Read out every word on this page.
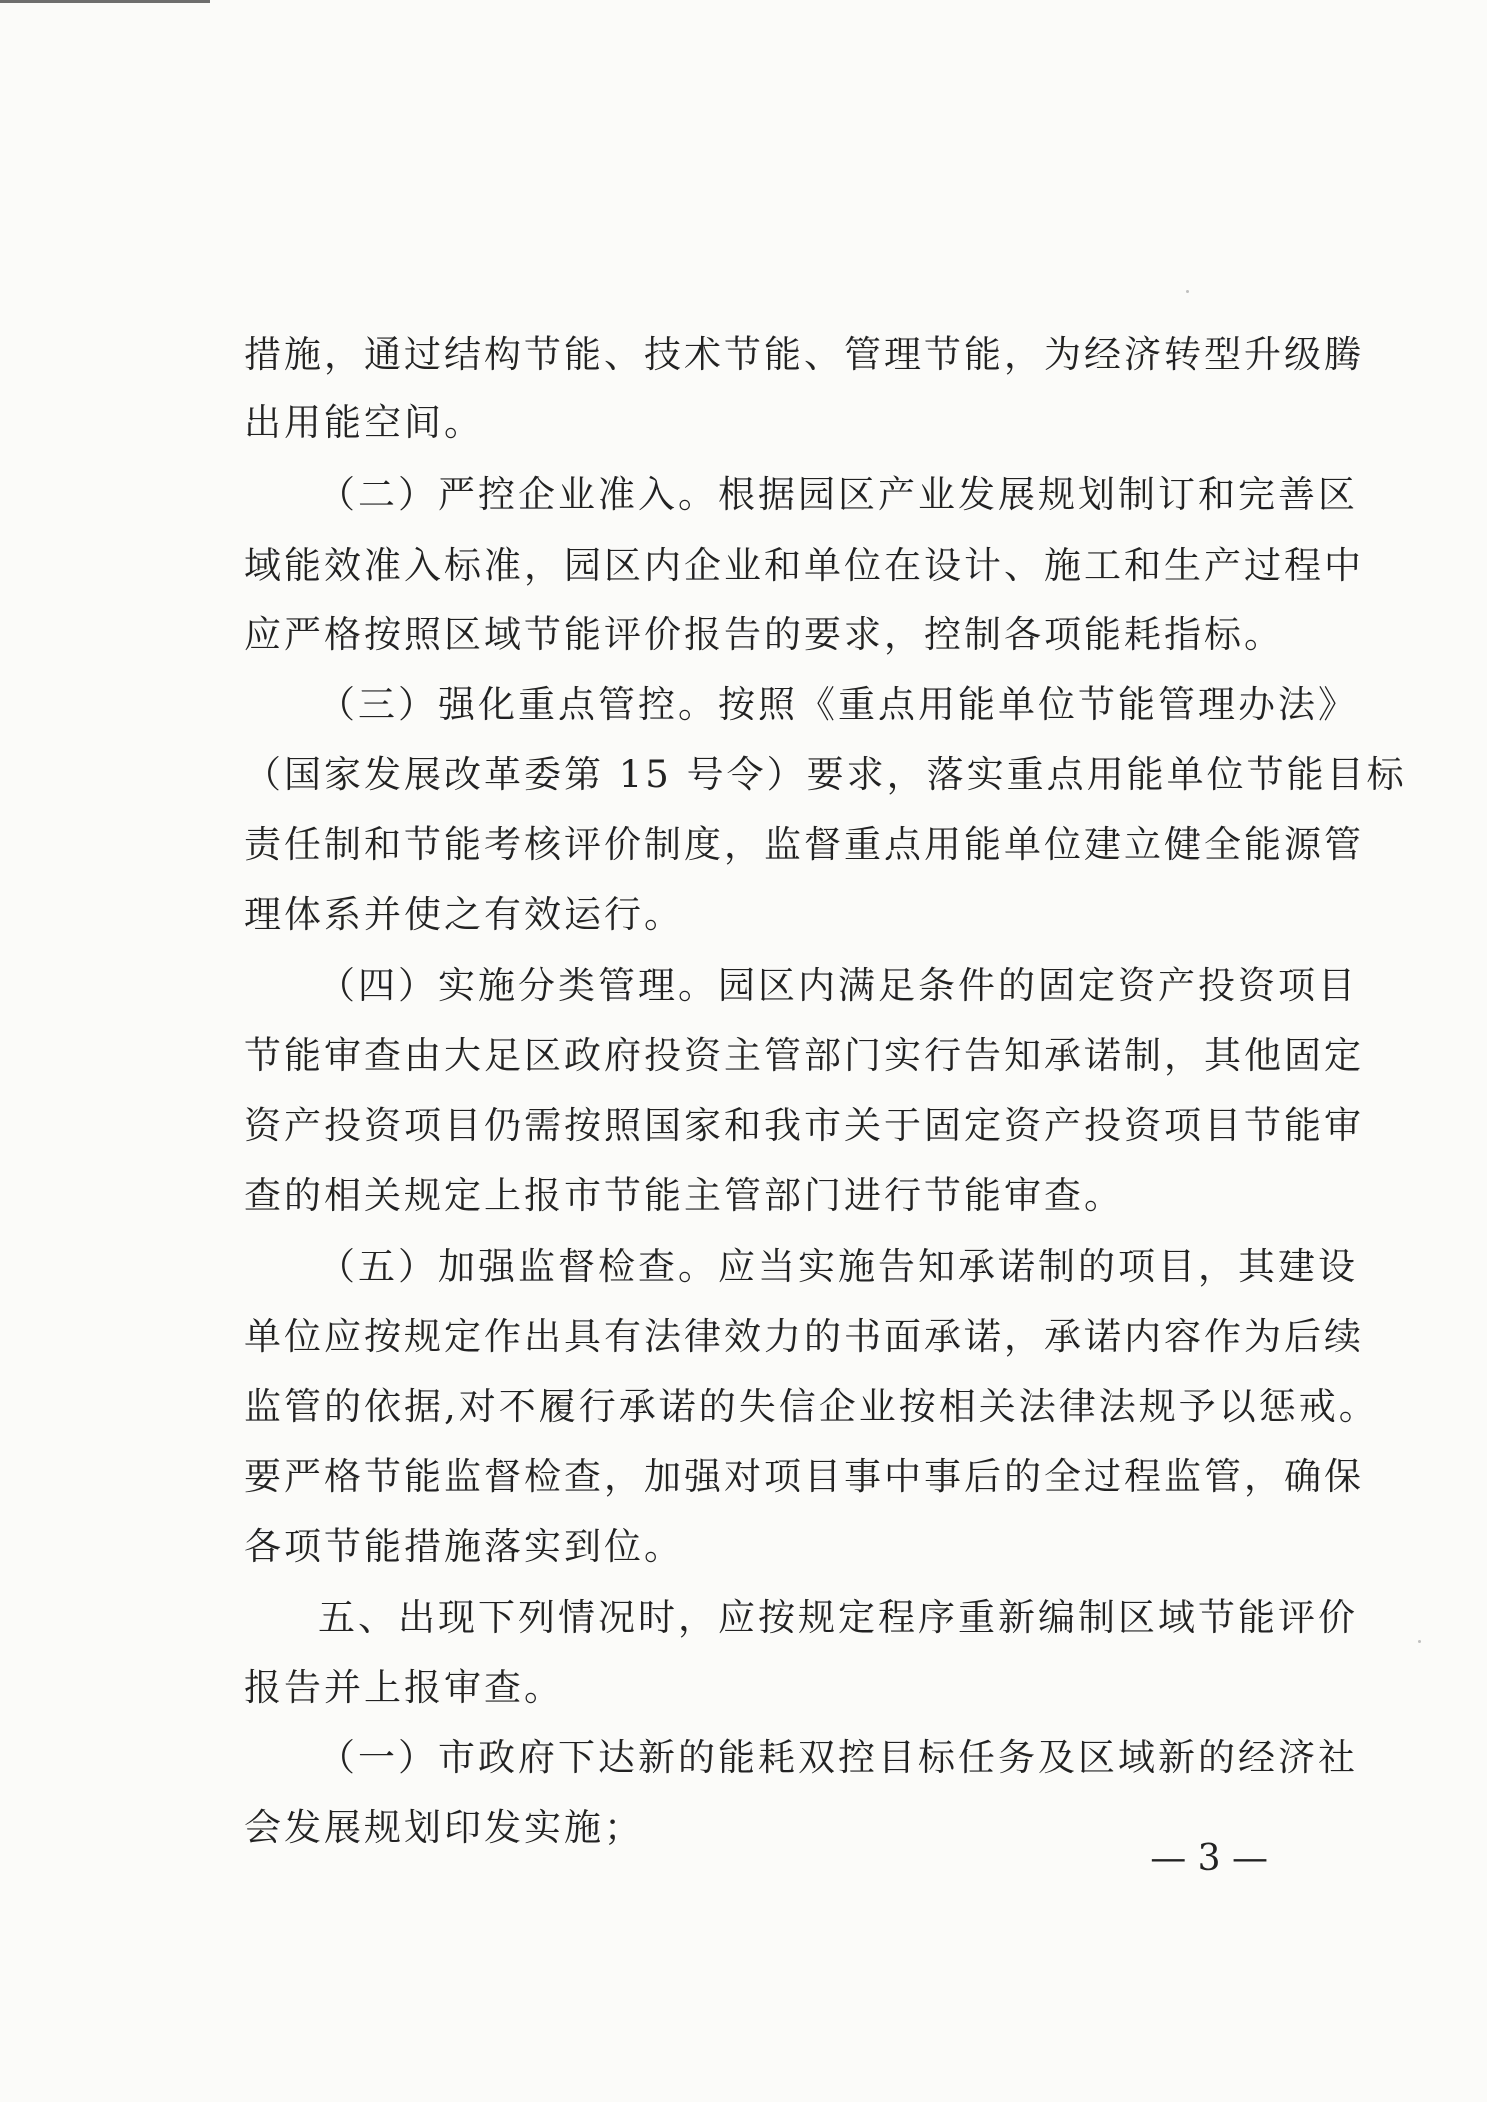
措施，通过结构节能、技术节能、管理节能，为经济转型升级腾
出用能空间。
（二）严控企业准入。根据园区产业发展规划制订和完善区
域能效准入标准，园区内企业和单位在设计、施工和生产过程中
应严格按照区域节能评价报告的要求，控制各项能耗指标。
（三）强化重点管控。按照《重点用能单位节能管理办法》
（国家发展改革委第 15 号令）要求，落实重点用能单位节能目标
责任制和节能考核评价制度，监督重点用能单位建立健全能源管
理体系并使之有效运行。
（四）实施分类管理。园区内满足条件的固定资产投资项目
节能审查由大足区政府投资主管部门实行告知承诺制，其他固定
资产投资项目仍需按照国家和我市关于固定资产投资项目节能审
查的相关规定上报市节能主管部门进行节能审查。
（五）加强监督检查。应当实施告知承诺制的项目，其建设
单位应按规定作出具有法律效力的书面承诺，承诺内容作为后续
监管的依据,对不履行承诺的失信企业按相关法律法规予以惩戒。
要严格节能监督检查，加强对项目事中事后的全过程监管，确保
各项节能措施落实到位。
五、出现下列情况时，应按规定程序重新编制区域节能评价
报告并上报审查。
（一）市政府下达新的能耗双控目标任务及区域新的经济社
会发展规划印发实施；
— 3 —
